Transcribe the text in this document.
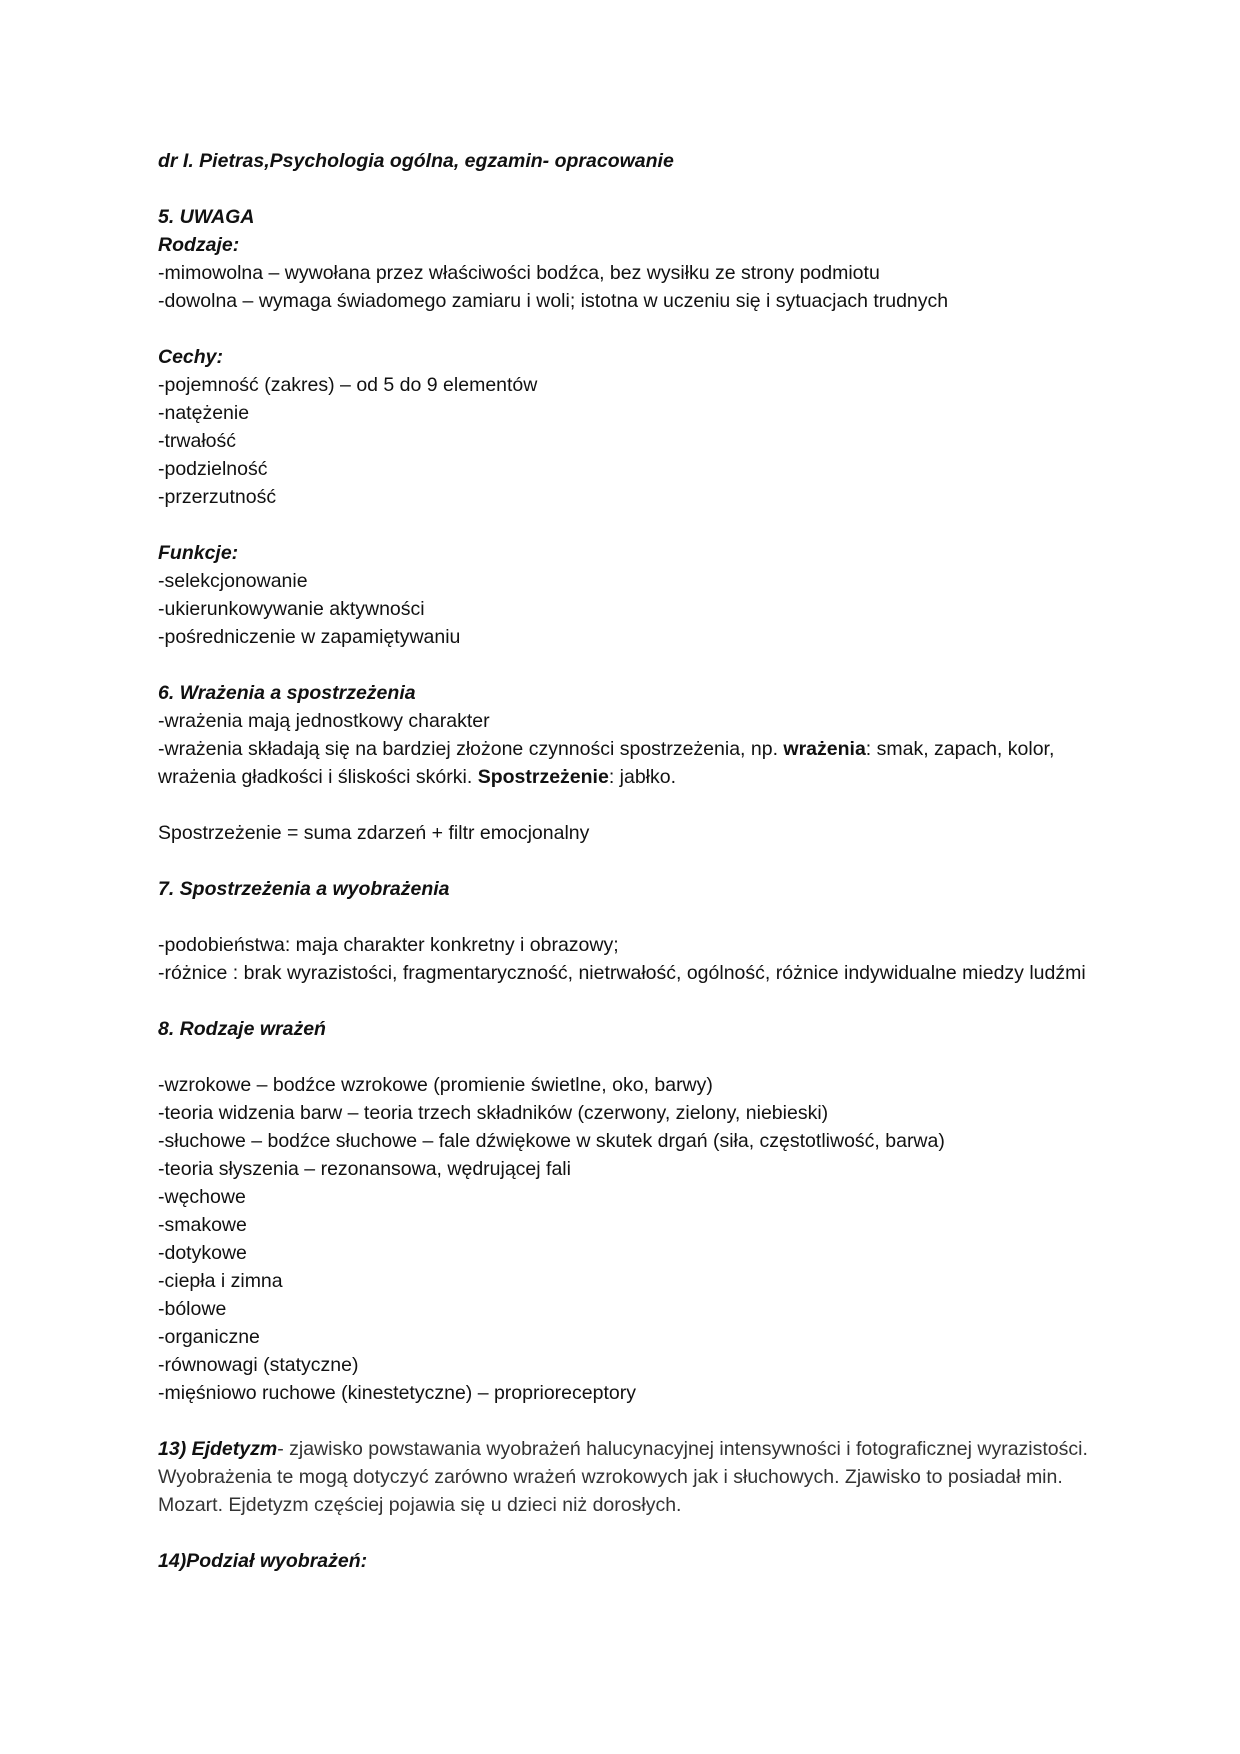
dr I. Pietras,Psychologia ogólna, egzamin- opracowanie
5. UWAGA
Rodzaje:
-mimowolna – wywołana przez właściwości bodźca, bez wysiłku ze strony podmiotu
-dowolna – wymaga świadomego zamiaru i woli; istotna w uczeniu się i sytuacjach trudnych
Cechy:
-pojemność (zakres) – od 5 do 9 elementów
-natężenie
-trwałość
-podzielność
-przerzutność
Funkcje:
-selekcjonowanie
-ukierunkowywanie aktywności
-pośredniczenie w zapamiętywaniu
6. Wrażenia a spostrzeżenia
-wrażenia mają jednostkowy charakter
-wrażenia składają się na bardziej złożone czynności spostrzeżenia, np. wrażenia: smak, zapach, kolor, wrażenia gładkości i śliskości skórki. Spostrzeżenie: jabłko.
Spostrzeżenie = suma zdarzeń + filtr emocjonalny
7. Spostrzeżenia a wyobrażenia
-podobieństwa: maja charakter konkretny i obrazowy;
-różnice : brak wyrazistości, fragmentaryczność, nietrwałość, ogólność, różnice indywidualne miedzy ludźmi
8. Rodzaje wrażeń
-wzrokowe – bodźce wzrokowe (promienie świetlne, oko, barwy)
-teoria widzenia barw – teoria trzech składników (czerwony, zielony, niebieski)
-słuchowe – bodźce słuchowe – fale dźwiękowe w skutek drgań (siła, częstotliwość, barwa)
-teoria słyszenia – rezonansowa, wędrującej fali
-węchowe
-smakowe
-dotykowe
-ciepła i zimna
-bólowe
-organiczne
-równowagi (statyczne)
-mięśniowo ruchowe (kinestetyczne) – proprioreceptory
13) Ejdetyzm- zjawisko powstawania wyobrażeń halucynacyjnej intensywności i fotograficznej wyrazistości. Wyobrażenia te mogą dotyczyć zarówno wrażeń wzrokowych jak i słuchowych. Zjawisko to posiadał min. Mozart. Ejdetyzm częściej pojawia się u dzieci niż dorosłych.
14)Podział wyobrażeń:
